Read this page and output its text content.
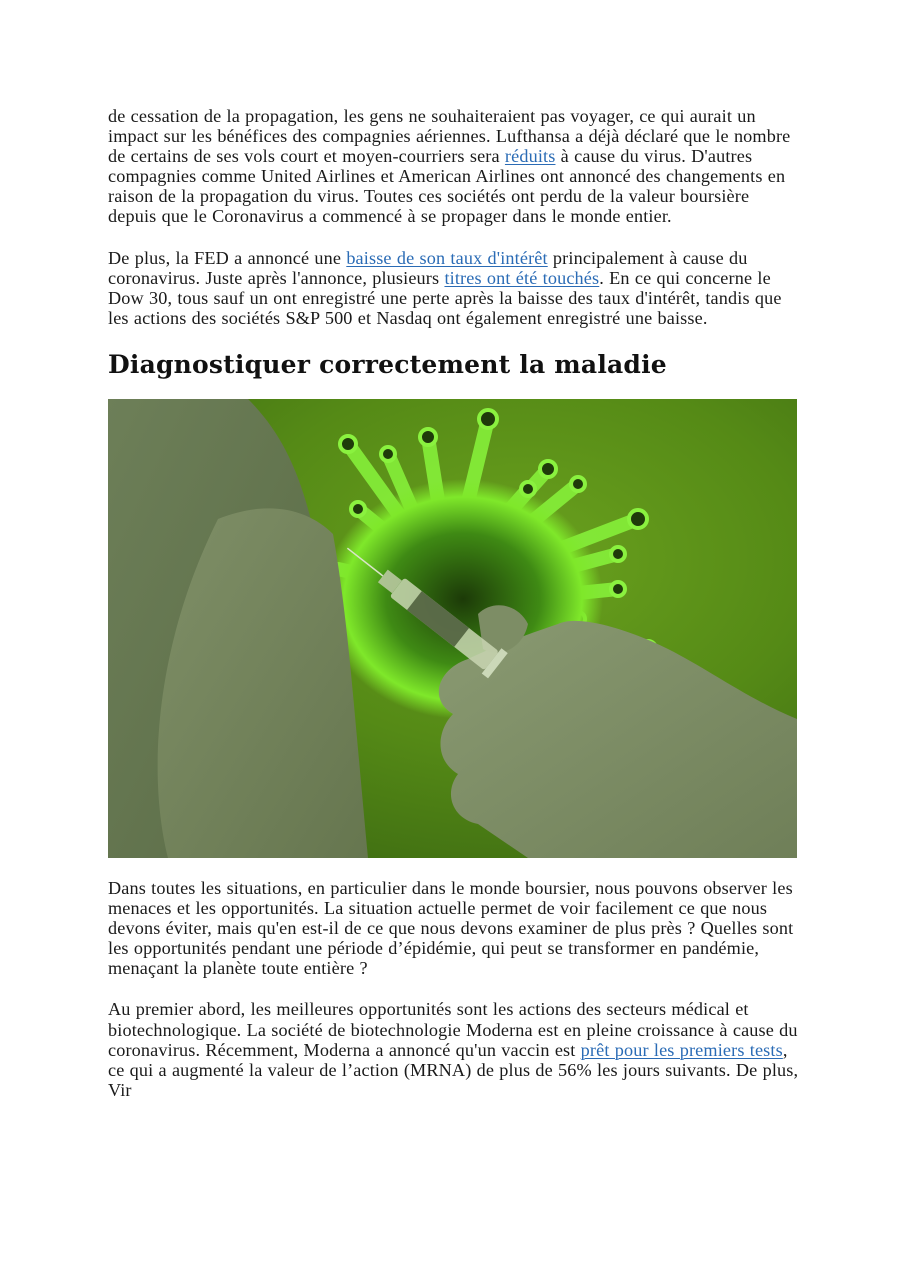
de cessation de la propagation, les gens ne souhaiteraient pas voyager, ce qui aurait un impact sur les bénéfices des compagnies aériennes. Lufthansa a déjà déclaré que le nombre de certains de ses vols court et moyen-courriers sera réduits à cause du virus. D'autres compagnies comme United Airlines et American Airlines ont annoncé des changements en raison de la propagation du virus. Toutes ces sociétés ont perdu de la valeur boursière depuis que le Coronavirus a commencé à se propager dans le monde entier.

De plus, la FED a annoncé une baisse de son taux d'intérêt principalement à cause du coronavirus. Juste après l'annonce, plusieurs titres ont été touchés. En ce qui concerne le Dow 30, tous sauf un ont enregistré une perte après la baisse des taux d'intérêt, tandis que les actions des sociétés S&P 500 et Nasdaq ont également enregistré une baisse.

Diagnostiquer correctement la maladie

Dans toutes les situations, en particulier dans le monde boursier, nous pouvons observer les menaces et les opportunités. La situation actuelle permet de voir facilement ce que nous devons éviter, mais qu'en est-il de ce que nous devons examiner de plus près ? Quelles sont les opportunités pendant une période d’épidémie, qui peut se transformer en pandémie, menaçant la planète toute entière ?

Au premier abord, les meilleures opportunités sont les actions des secteurs médical et biotechnologique. La société de biotechnologie Moderna est en pleine croissance à cause du coronavirus. Récemment, Moderna a annoncé qu'un vaccin est prêt pour les premiers tests, ce qui a augmenté la valeur de l’action (MRNA) de plus de 56% les jours suivants. De plus, Vir
